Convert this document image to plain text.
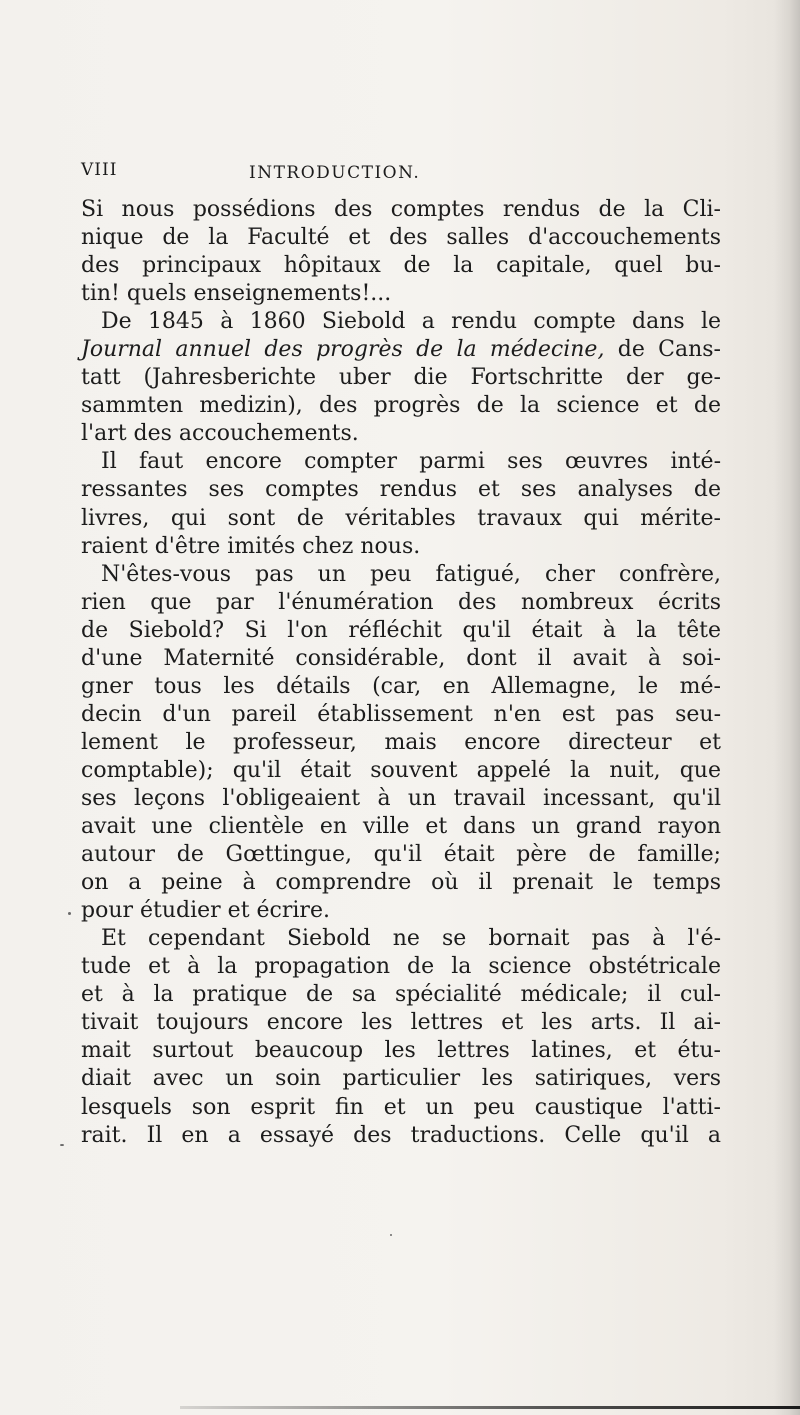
VIII	INTRODUCTION.
Si nous possédions des comptes rendus de la Cli-
nique de la Faculté et des salles d'accouchements
des principaux hôpitaux de la capitale, quel bu-
tin! quels enseignements!...
De 1845 à 1860 Siebold a rendu compte dans le
Journal annuel des progrès de la médecine, de Cans-
tatt (Jahresberichte uber die Fortschritte der ge-
sammten medizin), des progrès de la science et de
l'art des accouchements.
Il faut encore compter parmi ses œuvres inté-
ressantes ses comptes rendus et ses analyses de
livres, qui sont de véritables travaux qui mérite-
raient d'être imités chez nous.
N'êtes-vous pas un peu fatigué, cher confrère,
rien que par l'énumération des nombreux écrits
de Siebold? Si l'on réfléchit qu'il était à la tête
d'une Maternité considérable, dont il avait à soi-
gner tous les détails (car, en Allemagne, le mé-
decin d'un pareil établissement n'en est pas seu-
lement le professeur, mais encore directeur et
comptable); qu'il était souvent appelé la nuit, que
ses leçons l'obligeaient à un travail incessant, qu'il
avait une clientèle en ville et dans un grand rayon
autour de Gœttingue, qu'il était père de famille;
on a peine à comprendre où il prenait le temps
pour étudier et écrire.
Et cependant Siebold ne se bornait pas à l'é-
tude et à la propagation de la science obstétricale
et à la pratique de sa spécialité médicale; il cul-
tivait toujours encore les lettres et les arts. Il ai-
mait surtout beaucoup les lettres latines, et étu-
diait avec un soin particulier les satiriques, vers
lesquels son esprit fin et un peu caustique l'atti-
rait. Il en a essayé des traductions. Celle qu'il a
